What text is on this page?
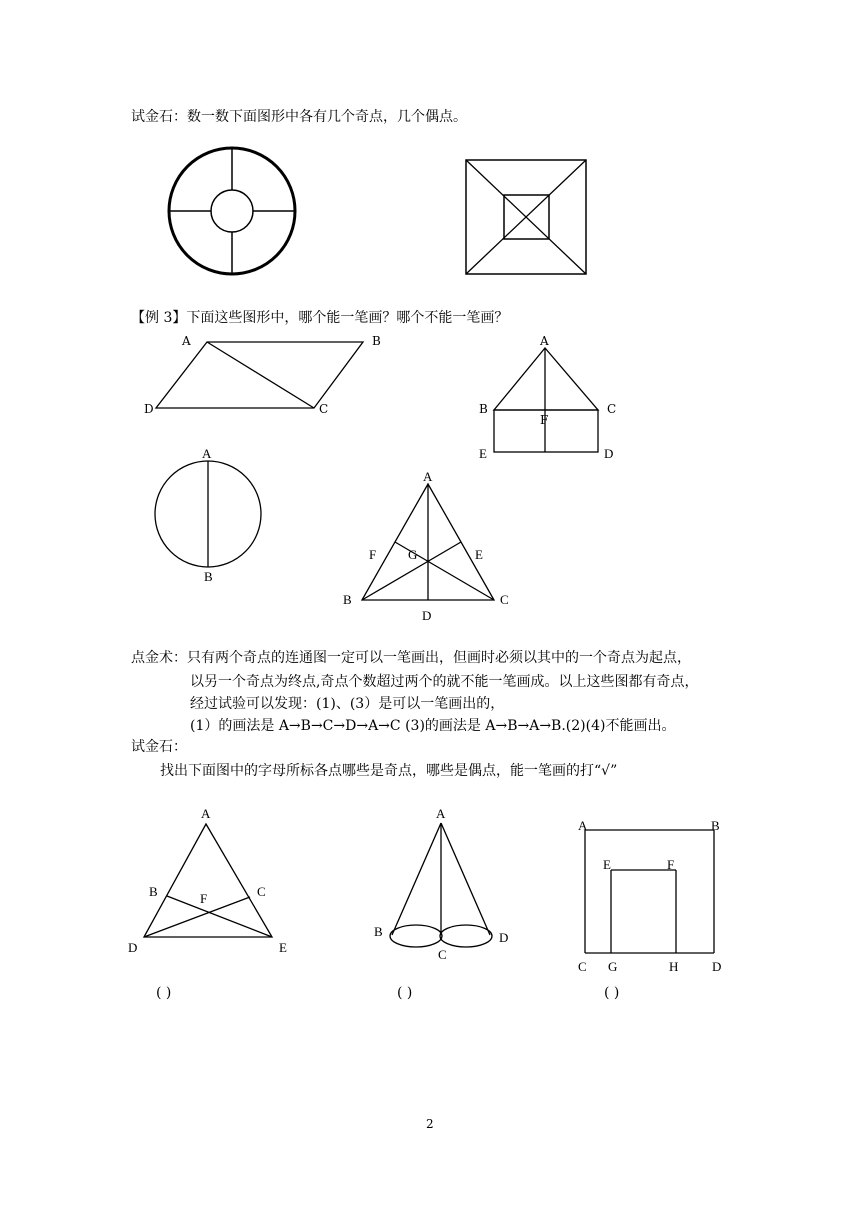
试金石：数一数下面图形中各有几个奇点，几个偶点。
【例 3】下面这些图形中，哪个能一笔画？哪个不能一笔画？
A	B
C
D
A
B	C
F
E	D
A
B
A
F G	E
B	C
D
点金术：只有两个奇点的连通图一定可以一笔画出，但画时必须以其中的一个奇点为起点，
以另一个奇点为终点,奇点个数超过两个的就不能一笔画成。以上这些图都有奇点，
经过试验可以发现：(1)、(3）是可以一笔画出的，
(1）的画法是 A→B→C→D→A→C (3)的画法是 A→B→A→B.(2)(4)不能画出。
试金石：
找出下面图中的字母所标各点哪些是奇点，哪些是偶点，能一笔画的打“√”
A
B	C
F
D	E
( )
A
B	D
C
( )
A	B
E	F
C G	H	D
( )
2
